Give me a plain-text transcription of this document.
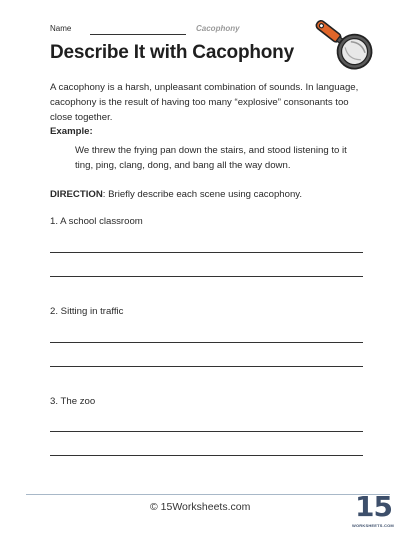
Name	Cacophony
Describe It with Cacophony
A cacophony is a harsh, unpleasant combination of sounds. In language, cacophony is the result of having too many “explosive” consonants too close together.
Example:
We threw the frying pan down the stairs, and stood listening to it ting, ping, clang, dong, and bang all the way down.
DIRECTION: Briefly describe each scene using cacophony.
1. A school classroom
2. Sitting in traffic
3. The zoo
© 15Worksheets.com	15
WORKSHEETS.COM
